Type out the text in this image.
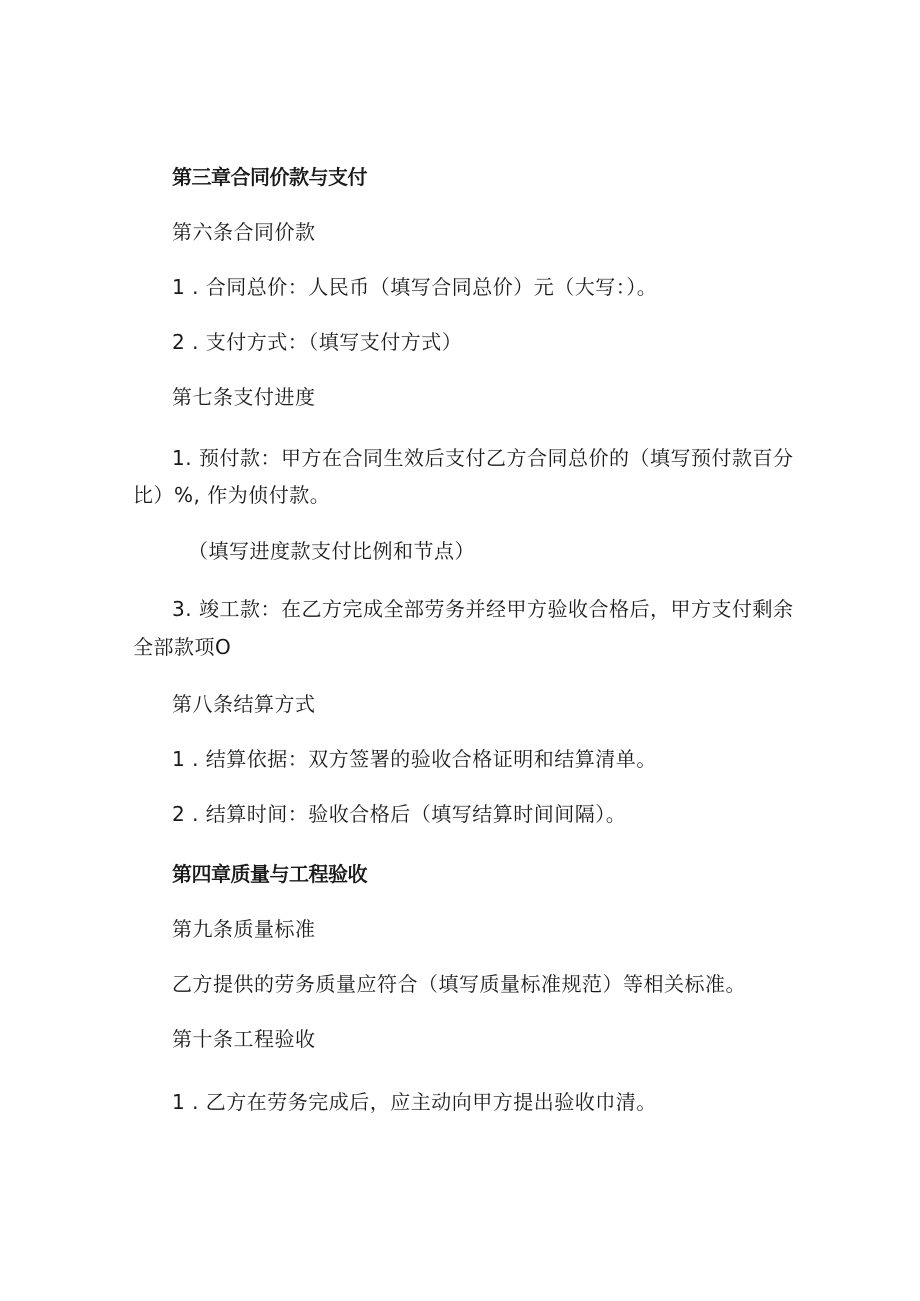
第三章合同价款与支付
第六条合同价款
1 . 合同总价：人民币（填写合同总价）元（大写：）。
2 . 支付方式：（填写支付方式）
第七条支付进度
1. 预付款：甲方在合同生效后支付乙方合同总价的（填写预付款百分
比）%, 作为侦付款。
（填写进度款支付比例和节点）
3. 竣工款：在乙方完成全部劳务并经甲方验收合格后，甲方支付剩余
全部款项O
第八条结算方式
1 . 结算依据：双方签署的验收合格证明和结算清单。
2 . 结算时间：验收合格后（填写结算时间间隔）。
第四章质量与工程验收
第九条质量标准
乙方提供的劳务质量应符合（填写质量标准规范）等相关标准。
第十条工程验收
1 . 乙方在劳务完成后，应主动向甲方提出验收巾清。
